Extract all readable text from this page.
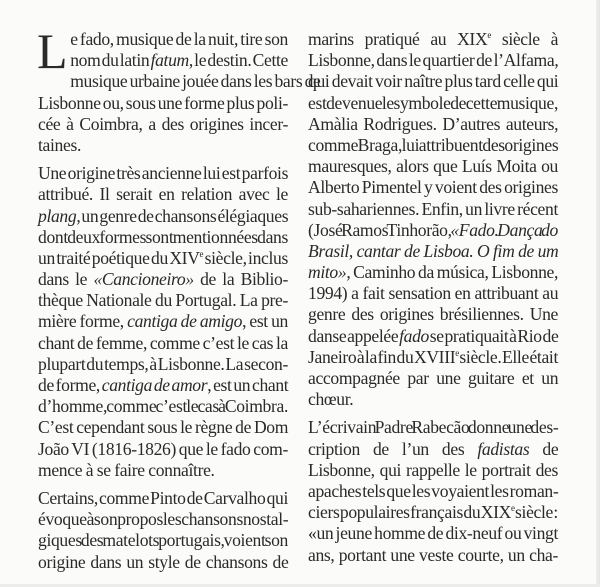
L e fado, musique de la nuit, tire son
nom du latin fatum, le destin. Cette
musique urbaine jouée dans les bars de
Lisbonne ou, sous une forme plus poli-
cée à Coimbra, a des origines incer-
taines.
Une origine très ancienne lui est parfois
attribué. Il serait en relation avec le
plang, un genre de chansons élégiaques
dont deux formes sont mentionnées dans
un traité poétique du XIVe siècle, inclus
dans le «Cancioneiro» de la Biblio-
thèque Nationale du Portugal. La pre-
mière forme, cantiga de amigo, est un
chant de femme, comme c’est le cas la
plupart du temps, à Lisbonne. La secon-
de forme, cantiga de amor, est un chant
d’homme, comme c’est le cas à Coimbra.
C’est cependant sous le règne de Dom
João VI (1816-1826) que le fado com-
mence à se faire connaître.
Certains, comme Pinto de Carvalho qui
évoque à son propos les chansons nostal-
giques des matelots portugais, voient son
origine dans un style de chansons de
marins pratiqué au XIXe siècle à
Lisbonne, dans le quartier de l’Alfama,
qui devait voir naître plus tard celle qui
est devenue le symbole de cette musique,
Amàlia Rodrigues. D’autres auteurs,
comme Braga, lui attribuent des origines
mauresques, alors que Luís Moita ou
Alberto Pimentel y voient des origines
sub-sahariennes. Enfin, un livre récent
(José Ramos Tinhorão, «Fado. Dança do
Brasil, cantar de Lisboa. O fim de um
mito», Caminho da música, Lisbonne,
1994) a fait sensation en attribuant au
genre des origines brésiliennes. Une
danse appelée fado se pratiquait à Rio de
Janeiro à la fin du XVIIIe siècle. Elle était
accompagnée par une guitare et un
chœur.
L’écrivain Padre Rabecão donne une des-
cription de l’un des fadistas de
Lisbonne, qui rappelle le portrait des
apaches tels que les voyaient les roman-
ciers populaires français du XIXe siècle :
«un jeune homme de dix-neuf ou vingt
ans, portant une veste courte, un cha-
